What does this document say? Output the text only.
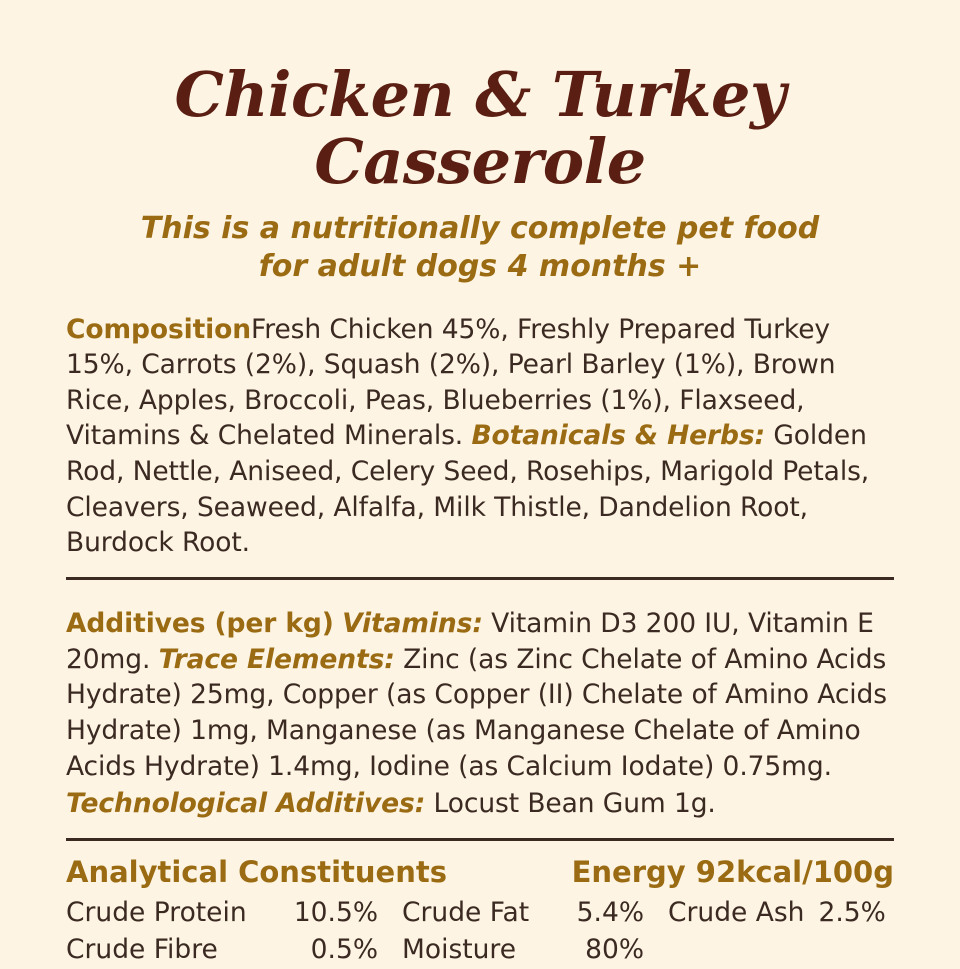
Chicken & Turkey Casserole
This is a nutritionally complete pet food
for adult dogs 4 months +
CompositionFresh Chicken 45%, Freshly Prepared Turkey 15%, Carrots (2%), Squash (2%), Pearl Barley (1%), Brown Rice, Apples, Broccoli, Peas, Blueberries (1%), Flaxseed, Vitamins & Chelated Minerals. Botanicals & Herbs: Golden Rod, Nettle, Aniseed, Celery Seed, Rosehips, Marigold Petals, Cleavers, Seaweed, Alfalfa, Milk Thistle, Dandelion Root, Burdock Root.
Additives (per kg) Vitamins: Vitamin D3 200 IU, Vitamin E 20mg. Trace Elements: Zinc (as Zinc Chelate of Amino Acids Hydrate) 25mg, Copper (as Copper (II) Chelate of Amino Acids Hydrate) 1mg, Manganese (as Manganese Chelate of Amino Acids Hydrate) 1.4mg, Iodine (as Calcium Iodate) 0.75mg.
Technological Additives: Locust Bean Gum 1g.
Analytical Constituents	Energy 92kcal/100g
Crude Protein	10.5% Crude Fat	5.4% Crude Ash 2.5%
Crude Fibre	0.5% Moisture	80%
